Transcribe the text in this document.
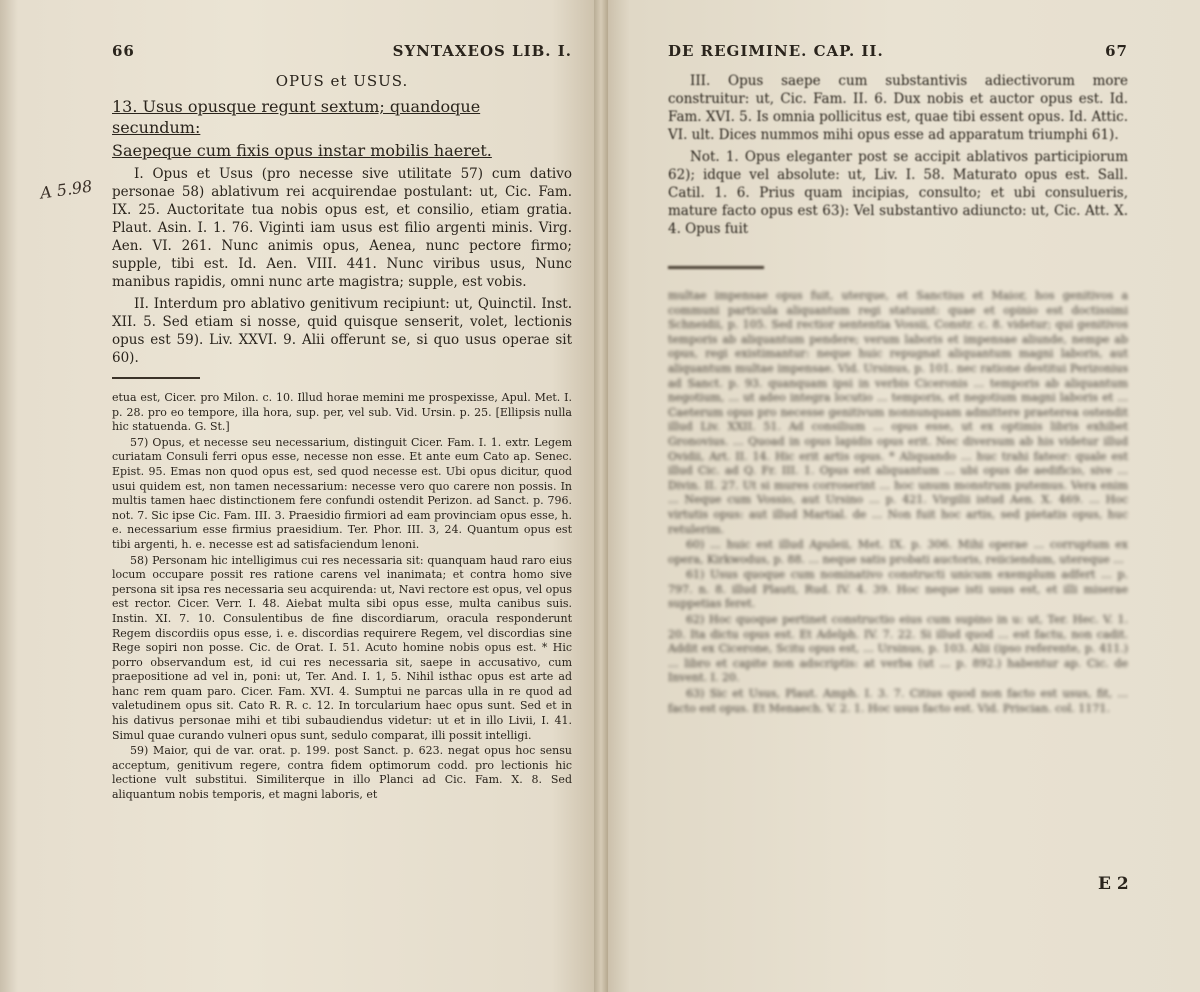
A 5.98
66	SYNTAXEOS LIB. I.
OPUS et USUS.
13. Usus opusque regunt sextum; quandoque secundum:
Saepeque cum fixis opus instar mobilis haeret.

I. Opus et Usus (pro necesse sive utilitate 57) cum dativo personae 58) ablativum rei acquirendae postulant: ut, Cic. Fam. IX. 25. Auctoritate tua nobis opus est, et consilio, etiam gratia. Plaut. Asin. I. 1. 76. Viginti iam usus est filio argenti minis. Virg. Aen. VI. 261. Nunc animis opus, Aenea, nunc pectore firmo; supple, tibi est. Id. Aen. VIII. 441. Nunc viribus usus, Nunc manibus rapidis, omni nunc arte magistra; supple, est vobis.

II. Interdum pro ablativo genitivum recipiunt: ut, Quinctil. Inst. XII. 5. Sed etiam si nosse, quid quisque senserit, volet, lectionis opus est 59). Liv. XXVI. 9. Alii offerunt se, si quo usus operae sit 60).

etua est, Cicer. pro Milon. c. 10. Illud horae memini me prospexisse, Apul. Met. I. p. 28. pro eo tempore, illa hora, sup. per, vel sub. Vid. Ursin. p. 25. [Ellipsis nulla hic statuenda. G. St.]

57) Opus, et necesse seu necessarium, distinguit Cicer. Fam. I. 1. extr. Legem curiatam Consuli ferri opus esse, necesse non esse. Et ante eum Cato ap. Senec. Epist. 95. Emas non quod opus est, sed quod necesse est. Ubi opus dicitur, quod usui quidem est, non tamen necessarium: necesse vero quo carere non possis. In multis tamen haec distinctionem fere confundi ostendit Perizon. ad Sanct. p. 796. not. 7. Sic ipse Cic. Fam. III. 3. Praesidio firmiori ad eam provinciam opus esse, h. e. necessarium esse firmius praesidium. Ter. Phor. III. 3, 24. Quantum opus est tibi argenti, h. e. necesse est ad satisfaciendum lenoni.

58) Personam hic intelligimus cui res necessaria sit: quanquam haud raro eius locum occupare possit res ratione carens vel inanimata; et contra homo sive persona sit ipsa res necessaria seu acquirenda: ut, Navi rectore est opus, vel opus est rector. Cicer. Verr. I. 48. Aiebat multa sibi opus esse, multa canibus suis. Instin. XI. 7. 10. Consulentibus de fine discordiarum, oracula responderunt Regem discordiis opus esse, i. e. discordias requirere Regem, vel discordias sine Rege sopiri non posse. Cic. de Orat. I. 51. Acuto homine nobis opus est. * Hic porro observandum est, id cui res necessaria sit, saepe in accusativo, cum praepositione ad vel in, poni: ut, Ter. And. I. 1, 5. Nihil isthac opus est arte ad hanc rem quam paro. Cicer. Fam. XVI. 4. Sumptui ne parcas ulla in re quod ad valetudinem opus sit. Cato R. R. c. 12. In torcularium haec opus sunt. Sed et in his dativus personae mihi et tibi subaudiendus videtur: ut et in illo Livii, I. 41. Simul quae curando vulneri opus sunt, sedulo comparat, illi possit intelligi.

59) Maior, qui de var. orat. p. 199. post Sanct. p. 623. negat opus hoc sensu acceptum, genitivum regere, contra fidem optimorum codd. pro lectionis hic lectione vult substitui. Similiterque in illo Planci ad Cic. Fam. X. 8. Sed aliquantum nobis temporis, et magni laboris, et

DE REGIMINE. CAP. II.	67

III. Opus saepe cum substantivis adiectivorum more construitur: ut, Cic. Fam. II. 6. Dux nobis et auctor opus est. Id. Fam. XVI. 5. Is omnia pollicitus est, quae tibi essent opus. Id. Attic. VI. ult. Dices nummos mihi opus esse ad apparatum triumphi 61).

Not. 1. Opus eleganter post se accipit ablativos participiorum 62); idque vel absolute: ut, Liv. I. 58. Maturato opus est. Sall. Catil. 1. 6. Prius quam incipias, consulto; et ubi consulueris, mature facto opus est 63): Vel substantivo adiuncto: ut, Cic. Att. X. 4. Opus fuit

multae impensae opus fuit, uterque, et Sanctius et Maior, hos genitivos a communi particula aliquantum regi statuunt: quae et opinio est doctissimi Schneidii, p. 105. Sed rectior sententia Vossii, Constr. c. 8. videtur; qui genitivos temporis ab aliquantum pendere; verum laboris et impensae aliunde, nempe ab opus, regi existimantur: neque huic repugnat aliquantum magni laboris, aut aliquantum multae impensae. Vid. Ursinus, p. 101. nec ratione destitui Perizonius ad Sanct. p. 93. quanquam ipsi in verbis Ciceronis ... temporis ab aliquantum negotium, ... ut adeo integra locutio ... temporis, et negotium magni laboris et ... Caeterum opus pro necesse genitivum nonnunquam admittere praeterea ostendit illud Liv. XXII. 51. Ad consilium ... opus esse, ut ex optimis libris exhibet Gronovius. ... Quoad in opus lapidis opus erit. Nec diversum ab his videtur illud Ovidii, Art. II. 14. Hic erit artis opus. * Aliquando ... huc trahi fateor: quale est illud Cic. ad Q. Fr. III. 1. Opus est aliquantum ... ubi opus de aedificio, sive ... Divin. II. 27. Ut si mures corroserint ... hoc unum monstrum putemus. Vera enim ... Neque cum Vossio, aut Ursino ... p. 421. Virgilii istud Aen. X. 469. ... Hoc virtutis opus: aut illud Martial. de ... Non fuit hoc artis, sed pietatis opus, huc retulerim.

60) ... huic est illud Apuleii, Met. IX. p. 306. Mihi operae ... corruptum ex opera, Kirkwodus, p. 88. ... neque satis probati auctoris, reiiciendum, utereque ...

61) Usus quoque cum nominativo constructi unicum exemplum adfert ... p. 797. n. 8. illud Plauti, Rud. IV. 4. 39. Hoc neque isti usus est, et illi miserae suppetias feret.

62) Hoc quoque pertinet constructio eius cum supino in u: ut, Ter. Hec. V. 1. 20. Ita dictu opus est. Et Adelph. IV. 7. 22. Si illud quod ... est factu, non cadit. Addit ex Cicerone, Scitu opus est, ... Ursinus, p. 103. Alii (ipso referente, p. 411.) ... libro et capite non adscriptis: at verba (ut ... p. 892.) habentur ap. Cic. de Invent. I. 20.

63) Sic et Usus, Plaut. Amph. I. 3. 7. Citius quod non facto est usus, fit, ... facto est opus. Et Menaech. V. 2. 1. Hoc usus facto est. Vid. Priscian. col. 1171.

E 2
